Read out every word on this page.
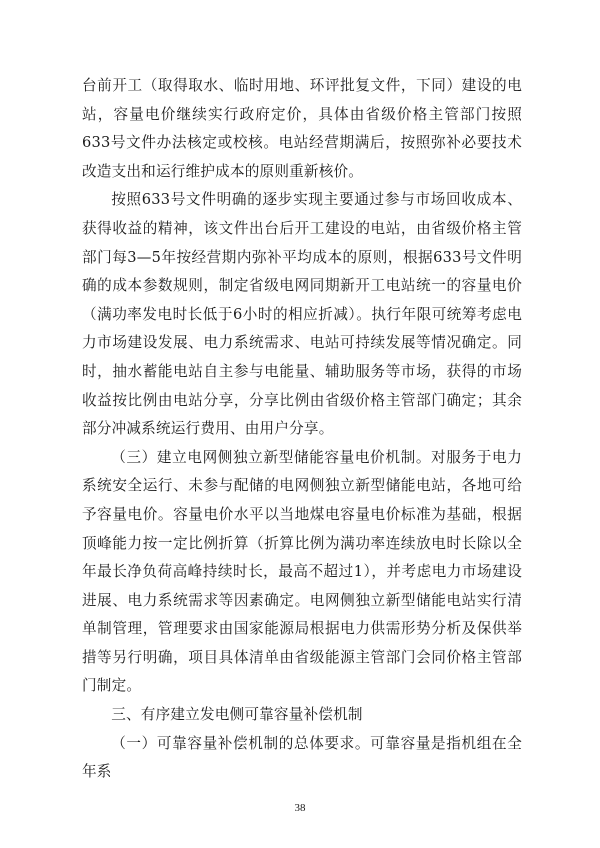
台前开工（取得取水、临时用地、环评批复文件，下同）建设的电站，容量电价继续实行政府定价，具体由省级价格主管部门按照633号文件办法核定或校核。电站经营期满后，按照弥补必要技术改造支出和运行维护成本的原则重新核价。

按照633号文件明确的逐步实现主要通过参与市场回收成本、获得收益的精神，该文件出台后开工建设的电站，由省级价格主管部门每3—5年按经营期内弥补平均成本的原则，根据633号文件明确的成本参数规则，制定省级电网同期新开工电站统一的容量电价（满功率发电时长低于6小时的相应折减）。执行年限可统筹考虑电力市场建设发展、电力系统需求、电站可持续发展等情况确定。同时，抽水蓄能电站自主参与电能量、辅助服务等市场，获得的市场收益按比例由电站分享，分享比例由省级价格主管部门确定；其余部分冲减系统运行费用、由用户分享。

（三）建立电网侧独立新型储能容量电价机制。对服务于电力系统安全运行、未参与配储的电网侧独立新型储能电站，各地可给予容量电价。容量电价水平以当地煤电容量电价标准为基础，根据顶峰能力按一定比例折算（折算比例为满功率连续放电时长除以全年最长净负荷高峰持续时长，最高不超过1），并考虑电力市场建设进展、电力系统需求等因素确定。电网侧独立新型储能电站实行清单制管理，管理要求由国家能源局根据电力供需形势分析及保供举措等另行明确，项目具体清单由省级能源主管部门会同价格主管部门制定。

三、有序建立发电侧可靠容量补偿机制

（一）可靠容量补偿机制的总体要求。可靠容量是指机组在全年系

38
